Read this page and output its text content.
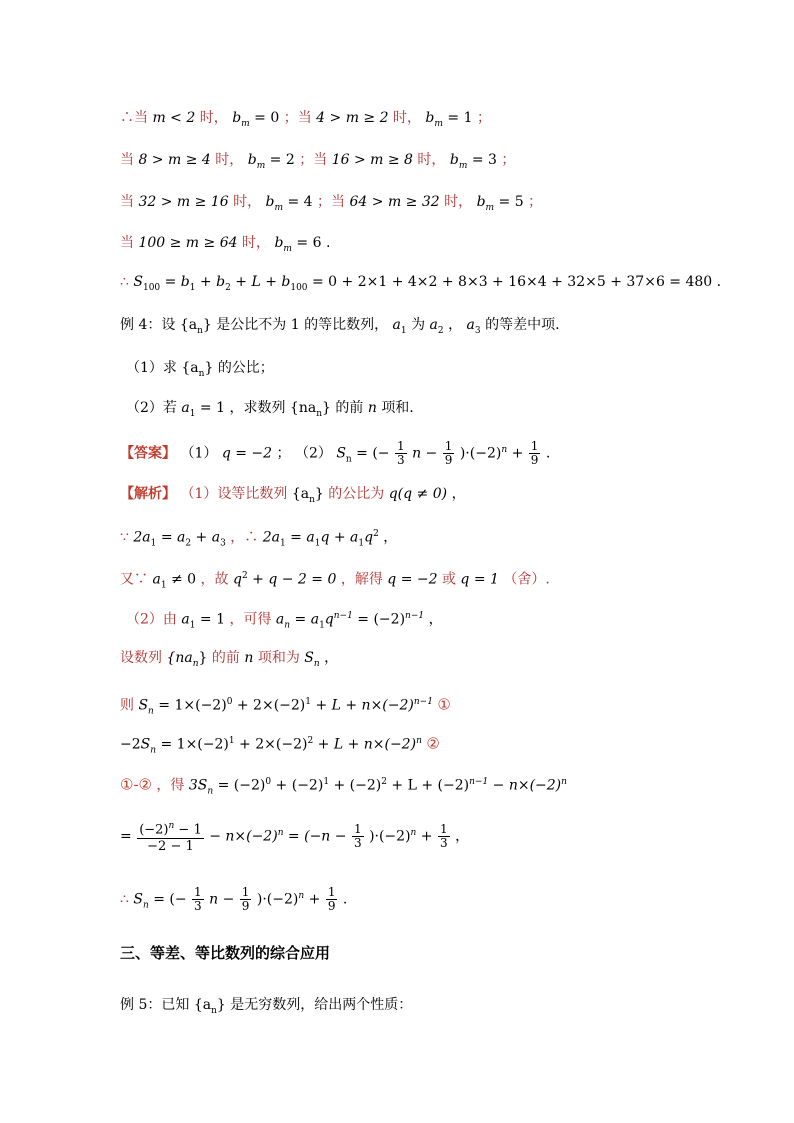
∴当 m < 2 时， $b_m = 0$ ；当 4 > m ≥ 2 时， $b_m = 1$ ；
当 8 > m ≥ 4 时， $b_m = 2$ ；当 16 > m ≥ 8 时， $b_m = 3$ ；
当 32 > m ≥ 16 时， $b_m = 4$ ；当 64 > m ≥ 32 时， $b_m = 5$ ；
当 100 ≥ m ≥ 64 时， $b_m = 6$ .
∴ $S_{100} = b_1 + b_2 + L + b_{100} = 0 + 2\times 1 + 4\times 2 + 8\times 3 + 16\times 4 + 32\times 5 + 37\times 6 = 480$ .
例 4：设 $\{a_n\}$ 是公比不为 1 的等比数列， $a_1$ 为 $a_2$ ， $a_3$ 的等差中项.
（1）求 $\{a_n\}$ 的公比；
（2）若 $a_1 = 1$ ，求数列 $\{na_n\}$ 的前 n 项和.
【答案】 （1） q = −2 ； （2） $S_n$ = (− $\frac{1}{3}$ $n - \frac{1}{9} )\cdot(-2)^n + \frac{1}{9}$ .
【解析】 （1）设等比数列 $\{a_n\}$ 的公比为 q(q ≠ 0) ，
∵ $2a_1 = a_2 + a_3$ ，∴ $2a_1 = a_1q + a_1q^2$ ，
又∵ $a_1 \ne 0$ ，故 $q^2 + q - 2 = 0$ ，解得 q = −2 或 q = 1 （舍）.
（2）由 $a_1 = 1$ ，可得 $a_n = a_1q^{n-1} = (-2)^{n-1}$ ，
设数列 $\{na_n\}$ 的前 n 项和为 $S_n$ ，
则 $S_n = 1\times(-2)^0 + 2\times(-2)^1 + L + n\times(-2)^{n-1}$ ①
$-2S_n = 1\times(-2)^1 + 2\times(-2)^2 + L + n\times(-2)^n$ ②
①-② ，得 $3S_n = (-2)^0 + (-2)^1 + (-2)^2 + L + (-2)^{n-1} - n\times(-2)^n$
= $\frac{(-2)^n - 1}{-2 - 1} - n\times(-2)^n = (-n - \frac{1}{3} )\cdot(-2)^n + \frac{1}{3}$ ，
∴ $S_n$ = (− $\frac{1}{3}$ $n - \frac{1}{9} )\cdot(-2)^n + \frac{1}{9}$ .
三、等差、等比数列的综合应用
例 5：已知 $\{a_n\}$ 是无穷数列，给出两个性质：
